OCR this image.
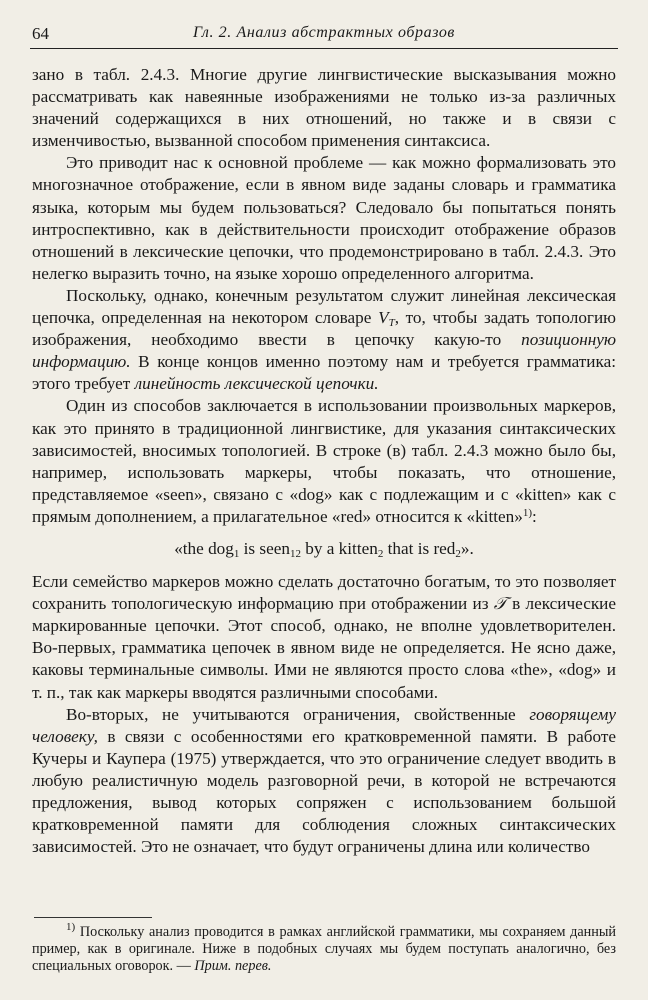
64	Гл. 2. Анализ абстрактных образов

зано в табл. 2.4.3. Многие другие лингвистические высказывания можно рассматривать как навеянные изображениями не только из-за различных значений содержащихся в них отношений, но также и в связи с изменчивостью, вызванной способом применения синтаксиса.

Это приводит нас к основной проблеме — как можно формализовать это многозначное отображение, если в явном виде заданы словарь и грамматика языка, которым мы будем пользоваться? Следовало бы попытаться понять интроспективно, как в действительности происходит отображение образов отношений в лексические цепочки, что продемонстрировано в табл. 2.4.3. Это нелегко выразить точно, на языке хорошо определенного алгоритма.

Поскольку, однако, конечным результатом служит линейная лексическая цепочка, определенная на некотором словаре $V_T$, то, чтобы задать топологию изображения, необходимо ввести в цепочку какую-то позиционную информацию. В конце концов именно поэтому нам и требуется грамматика: этого требует линейность лексической цепочки.

Один из способов заключается в использовании произвольных маркеров, как это принято в традиционной лингвистике, для указания синтаксических зависимостей, вносимых топологией. В строке (в) табл. 2.4.3 можно было бы, например, использовать маркеры, чтобы показать, что отношение, представляемое «seen», связано с «dog» как с подлежащим и с «kitten» как с прямым дополнением, а прилагательное «red» относится к «kitten»$^{1)}$:

«the dog$_1$ is seen$_{12}$ by a kitten$_2$ that is red$_2$».

Если семейство маркеров можно сделать достаточно богатым, то это позволяет сохранить топологическую информацию при отображении из 𝒯 в лексические маркированные цепочки. Этот способ, однако, не вполне удовлетворителен. Во-первых, грамматика цепочек в явном виде не определяется. Не ясно даже, каковы терминальные символы. Ими не являются просто слова «the», «dog» и т. п., так как маркеры вводятся различными способами.

Во-вторых, не учитываются ограничения, свойственные говорящему человеку, в связи с особенностями его кратковременной памяти. В работе Кучеры и Каупера (1975) утверждается, что это ограничение следует вводить в любую реалистичную модель разговорной речи, в которой не встречаются предложения, вывод которых сопряжен с использованием большой кратковременной памяти для соблюдения сложных синтаксических зависимостей. Это не означает, что будут ограничены длина или количество

$^{1)}$ Поскольку анализ проводится в рамках английской грамматики, мы сохраняем данный пример, как в оригинале. Ниже в подобных случаях мы будем поступать аналогично, без специальных оговорок. — Прим. перев.
